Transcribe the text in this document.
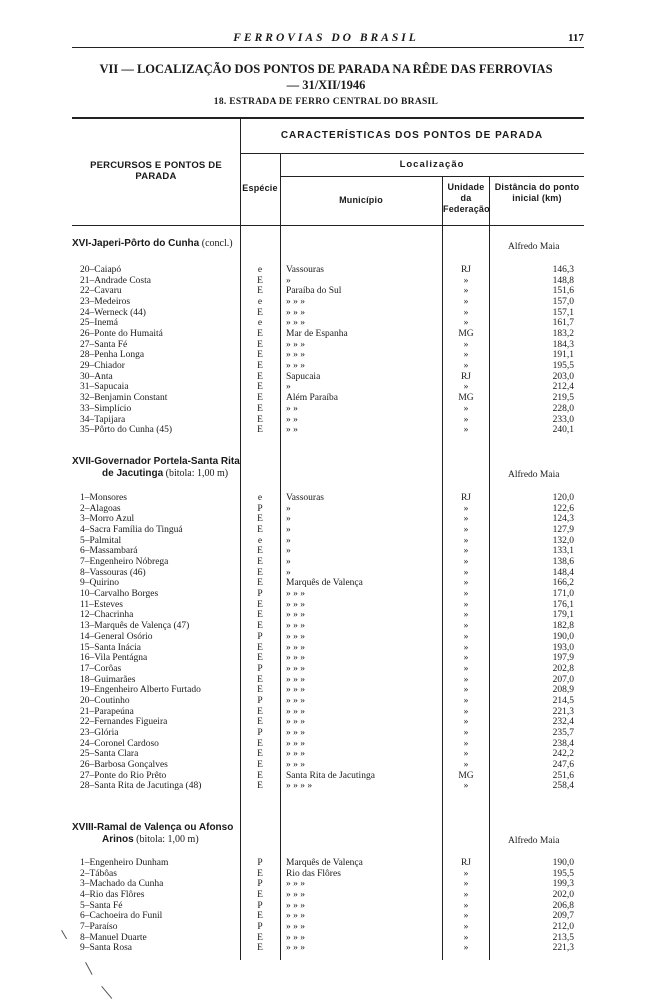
FERROVIAS DO BRASIL	117
VII — LOCALIZAÇÃO DOS PONTOS DE PARADA NA RÊDE DAS FERROVIAS
— 31/XII/1946
18. ESTRADA DE FERRO CENTRAL DO BRASIL
PERCURSOS E PONTOS DE PARADA
CARACTERÍSTICAS DOS PONTOS DE PARADA
Localização
Espécie
Município
Unidade da Federação
Distância do ponto inicial (km)
XVI-Japeri-Pôrto do Cunha (concl.)	Alfredo Maia
20–Caiapó	e	Vassouras	RJ	146,3
21–Andrade Costa	E	»	»	148,8
22–Cavaru	E	Paraíba do Sul	»	151,6
23–Medeiros	e	» » »	»	157,0
24–Werneck (44)	E	» » »	»	157,1
25–Inemá	e	» » »	»	161,7
26–Ponte do Humaitá	E	Mar de Espanha	MG	183,2
27–Santa Fé	E	» » »	»	184,3
28–Penha Longa	E	» » »	»	191,1
29–Chiador	E	» » »	»	195,5
30–Anta	E	Sapucaia	RJ	203,0
31–Sapucaia	E	»	»	212,4
32–Benjamin Constant	E	Além Paraíba	MG	219,5
33–Simplício	E	» »	»	228,0
34–Tapijara	E	» »	»	233,0
35–Pôrto do Cunha (45)	E	» »	»	240,1
XVII-Governador Portela-Santa Rita
de Jacutinga (bitola: 1,00 m)	Alfredo Maia
1–Monsores	e	Vassouras	RJ	120,0
2–Alagoas	P	»	»	122,6
3–Morro Azul	E	»	»	124,3
4–Sacra Família do Tinguá	E	»	»	127,9
5–Palmital	e	»	»	132,0
6–Massambará	E	»	»	133,1
7–Engenheiro Nóbrega	E	»	»	138,6
8–Vassouras (46)	E	»	»	148,4
9–Quirino	E	Marquês de Valença	»	166,2
10–Carvalho Borges	P	» » »	»	171,0
11–Esteves	E	» » »	»	176,1
12–Chacrinha	E	» » »	»	179,1
13–Marquês de Valença (47)	E	» » »	»	182,8
14–General Osório	P	» » »	»	190,0
15–Santa Inácia	E	» » »	»	193,0
16–Vila Pentágna	E	» » »	»	197,9
17–Corôas	P	» » »	»	202,8
18–Guimarães	E	» » »	»	207,0
19–Engenheiro Alberto Furtado	E	» » »	»	208,9
20–Coutinho	P	» » »	»	214,5
21–Parapeúna	E	» » »	»	221,3
22–Fernandes Figueira	E	» » »	»	232,4
23–Glória	P	» » »	»	235,7
24–Coronel Cardoso	E	» » »	»	238,4
25–Santa Clara	E	» » »	»	242,2
26–Barbosa Gonçalves	E	» » »	»	247,6
27–Ponte do Rio Prêto	E	Santa Rita de Jacutinga	MG	251,6
28–Santa Rita de Jacutinga (48)	E	» » » »	»	258,4
XVIII-Ramal de Valença ou Afonso
Arinos (bitola: 1,00 m)	Alfredo Maia
1–Engenheiro Dunham	P	Marquês de Valença	RJ	190,0
2–Tábôas	E	Rio das Flôres	»	195,5
3–Machado da Cunha	P	» » »	»	199,3
4–Rio das Flôres	E	» » »	»	202,0
5–Santa Fé	P	» » »	»	206,8
6–Cachoeira do Funil	E	» » »	»	209,7
7–Paraíso	P	» » »	»	212,0
8–Manuel Duarte	E	» » »	»	213,5
9–Santa Rosa	E	» » »	»	221,3
